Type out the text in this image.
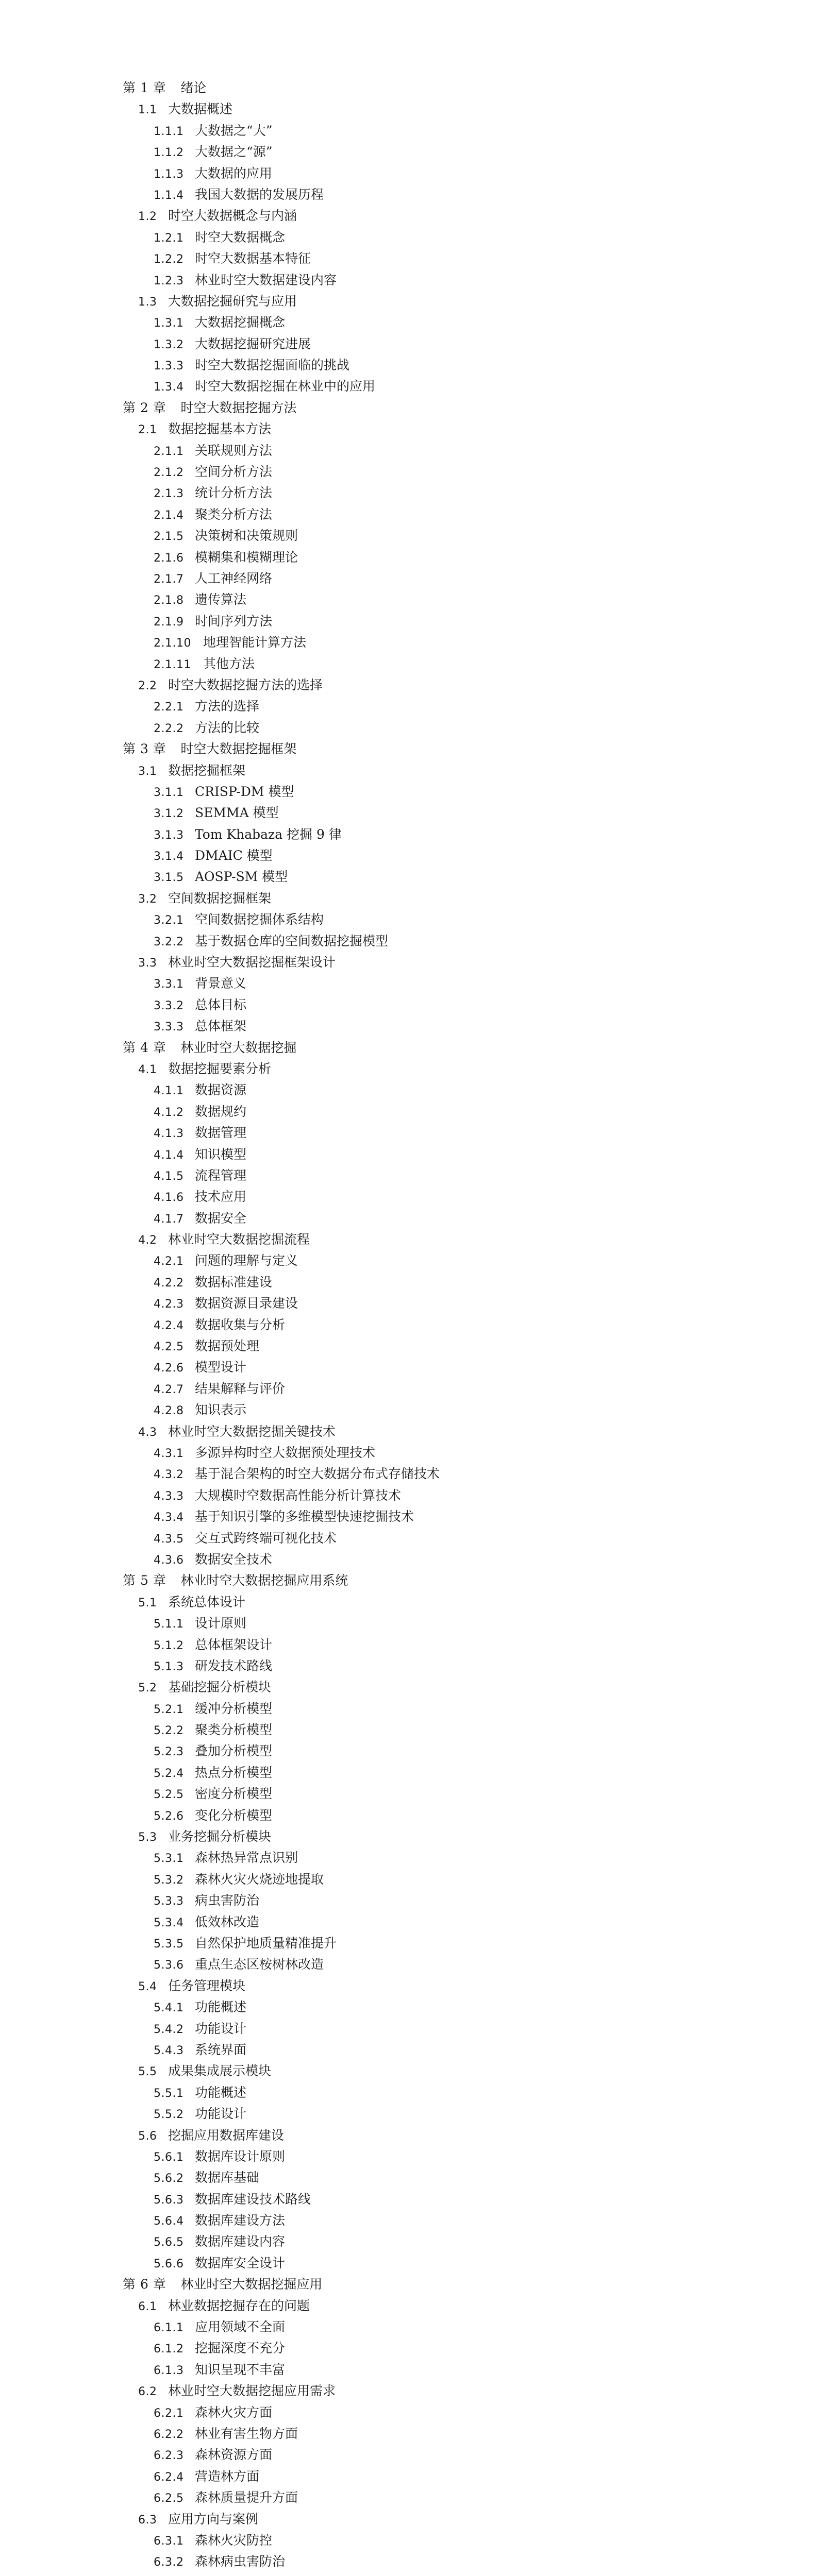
第 1 章 绪论
1.1 大数据概述
1.1.1 大数据之“大”
1.1.2 大数据之“源”
1.1.3 大数据的应用
1.1.4 我国大数据的发展历程
1.2 时空大数据概念与内涵
1.2.1 时空大数据概念
1.2.2 时空大数据基本特征
1.2.3 林业时空大数据建设内容
1.3 大数据挖掘研究与应用
1.3.1 大数据挖掘概念
1.3.2 大数据挖掘研究进展
1.3.3 时空大数据挖掘面临的挑战
1.3.4 时空大数据挖掘在林业中的应用
第 2 章 时空大数据挖掘方法
2.1 数据挖掘基本方法
2.1.1 关联规则方法
2.1.2 空间分析方法
2.1.3 统计分析方法
2.1.4 聚类分析方法
2.1.5 决策树和决策规则
2.1.6 模糊集和模糊理论
2.1.7 人工神经网络
2.1.8 遗传算法
2.1.9 时间序列方法
2.1.10 地理智能计算方法
2.1.11 其他方法
2.2 时空大数据挖掘方法的选择
2.2.1 方法的选择
2.2.2 方法的比较
第 3 章 时空大数据挖掘框架
3.1 数据挖掘框架
3.1.1 CRISP-DM 模型
3.1.2 SEMMA 模型
3.1.3 Tom Khabaza 挖掘 9 律
3.1.4 DMAIC 模型
3.1.5 AOSP-SM 模型
3.2 空间数据挖掘框架
3.2.1 空间数据挖掘体系结构
3.2.2 基于数据仓库的空间数据挖掘模型
3.3 林业时空大数据挖掘框架设计
3.3.1 背景意义
3.3.2 总体目标
3.3.3 总体框架
第 4 章 林业时空大数据挖掘
4.1 数据挖掘要素分析
4.1.1 数据资源
4.1.2 数据规约
4.1.3 数据管理
4.1.4 知识模型
4.1.5 流程管理
4.1.6 技术应用
4.1.7 数据安全
4.2 林业时空大数据挖掘流程
4.2.1 问题的理解与定义
4.2.2 数据标准建设
4.2.3 数据资源目录建设
4.2.4 数据收集与分析
4.2.5 数据预处理
4.2.6 模型设计
4.2.7 结果解释与评价
4.2.8 知识表示
4.3 林业时空大数据挖掘关键技术
4.3.1 多源异构时空大数据预处理技术
4.3.2 基于混合架构的时空大数据分布式存储技术
4.3.3 大规模时空数据高性能分析计算技术
4.3.4 基于知识引擎的多维模型快速挖掘技术
4.3.5 交互式跨终端可视化技术
4.3.6 数据安全技术
第 5 章 林业时空大数据挖掘应用系统
5.1 系统总体设计
5.1.1 设计原则
5.1.2 总体框架设计
5.1.3 研发技术路线
5.2 基础挖掘分析模块
5.2.1 缓冲分析模型
5.2.2 聚类分析模型
5.2.3 叠加分析模型
5.2.4 热点分析模型
5.2.5 密度分析模型
5.2.6 变化分析模型
5.3 业务挖掘分析模块
5.3.1 森林热异常点识别
5.3.2 森林火灾火烧迹地提取
5.3.3 病虫害防治
5.3.4 低效林改造
5.3.5 自然保护地质量精准提升
5.3.6 重点生态区桉树林改造
5.4 任务管理模块
5.4.1 功能概述
5.4.2 功能设计
5.4.3 系统界面
5.5 成果集成展示模块
5.5.1 功能概述
5.5.2 功能设计
5.6 挖掘应用数据库建设
5.6.1 数据库设计原则
5.6.2 数据库基础
5.6.3 数据库建设技术路线
5.6.4 数据库建设方法
5.6.5 数据库建设内容
5.6.6 数据库安全设计
第 6 章 林业时空大数据挖掘应用
6.1 林业数据挖掘存在的问题
6.1.1 应用领域不全面
6.1.2 挖掘深度不充分
6.1.3 知识呈现不丰富
6.2 林业时空大数据挖掘应用需求
6.2.1 森林火灾方面
6.2.2 林业有害生物方面
6.2.3 森林资源方面
6.2.4 营造林方面
6.2.5 森林质量提升方面
6.3 应用方向与案例
6.3.1 森林火灾防控
6.3.2 森林病虫害防治
